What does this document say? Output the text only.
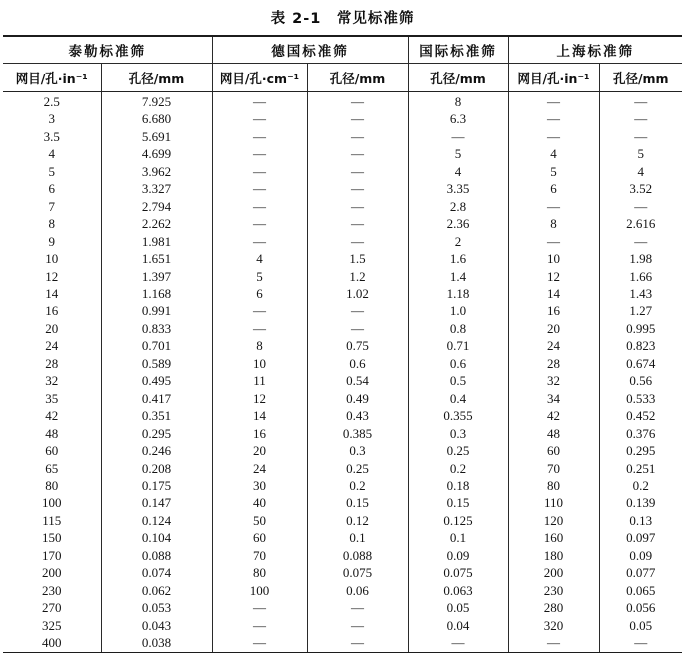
表 2-1　常见标准筛
泰勒标准筛		德国标准筛		国际标准筛	上海标准筛	
网目/孔·in⁻¹	孔径/mm	网目/孔·cm⁻¹	孔径/mm	孔径/mm	网目/孔·in⁻¹	孔径/mm
2.5	7.925	—	—	8	—	—
3	6.680	—	—	6.3	—	—
3.5	5.691	—	—	—	—	—
4	4.699	—	—	5	4	5
5	3.962	—	—	4	5	4
6	3.327	—	—	3.35	6	3.52
7	2.794	—	—	2.8	—	—
8	2.262	—	—	2.36	8	2.616
9	1.981	—	—	2	—	—
10	1.651	4	1.5	1.6	10	1.98
12	1.397	5	1.2	1.4	12	1.66
14	1.168	6	1.02	1.18	14	1.43
16	0.991	—	—	1.0	16	1.27
20	0.833	—	—	0.8	20	0.995
24	0.701	8	0.75	0.71	24	0.823
28	0.589	10	0.6	0.6	28	0.674
32	0.495	11	0.54	0.5	32	0.56
35	0.417	12	0.49	0.4	34	0.533
42	0.351	14	0.43	0.355	42	0.452
48	0.295	16	0.385	0.3	48	0.376
60	0.246	20	0.3	0.25	60	0.295
65	0.208	24	0.25	0.2	70	0.251
80	0.175	30	0.2	0.18	80	0.2
100	0.147	40	0.15	0.15	110	0.139
115	0.124	50	0.12	0.125	120	0.13
150	0.104	60	0.1	0.1	160	0.097
170	0.088	70	0.088	0.09	180	0.09
200	0.074	80	0.075	0.075	200	0.077
230	0.062	100	0.06	0.063	230	0.065
270	0.053	—	—	0.05	280	0.056
325	0.043	—	—	0.04	320	0.05
400	0.038	—	—	—	—	—
